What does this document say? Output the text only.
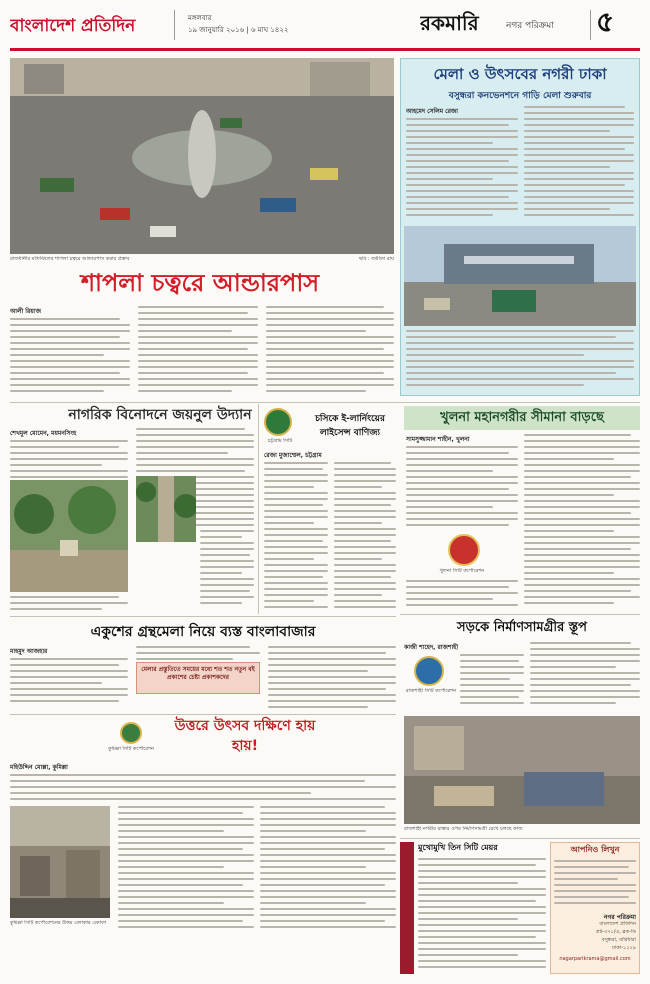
বাংলাদেশ প্রতিদিন	মঙ্গলবার
১৯ জানুয়ারি ২০১৬ | ৬ মাঘ ১৪২২	রকমারি	নগর পরিক্রমা	৫
রাজধানীর মতিঝিলের শাপলা চত্বরে আন্ডারপাস করার প্রস্তাব	ছবি : জয়ীতা রায়
শাপলা চত্বরে আন্ডারপাস
আলী রিয়াজ
মেলা ও উৎসবের নগরী ঢাকা
বসুন্ধরা কনভেনশনে গাড়ি মেলা শুরুবার
আহমেদ সেলিম রেজা
নাগরিক বিনোদনে জয়নুল উদ্যান
শেখমুল মোমেন, ময়মনসিংহ
চট্টগ্রাম সিটি
চসিকে ই-লার্নিংয়ের লাইসেন্স বাণিজ্য
রেজা মুজাম্মেল, চট্টগ্রাম
খুলনা মহানগরীর সীমানা বাড়ছে
সামসুজ্জামান শাহীন, খুলনা
খুলনা সিটি কর্পোরেশন
সড়কে নির্মাণসামগ্রীর স্তূপ
কাজী শাহেদ, রাজশাহী
রাজশাহী সিটি কর্পোরেশন
রাজশাহী নগরীর রাস্তার ওপর নির্মাণসামগ্রী রেখে চলছে কাজ
একুশের গ্রন্থমেলা নিয়ে ব্যস্ত বাংলাবাজার
মাহমুদ আজহার
মেলার প্রস্তুতিতে সময়ের মধ্যে শত শত নতুন বই প্রকাশের চেষ্টা প্রকাশকদের
কুমিল্লা সিটি কর্পোরেশন
উত্তরে উৎসব দক্ষিণে হায় হায়!
মহিউদ্দিন মোল্লা, কুমিল্লা
কুমিল্লা সিটি কর্পোরেশনের উত্তর এলাকার একাংশ
মুখোমুখি তিন সিটি মেয়র	আপনিও লিখুন
নগর পরিক্রমা
বাংলাদেশ প্রতিদিন
প্লট-৩৭১/এ, ব্লক-ডি
বসুন্ধরা, বারিধারা
ঢাকা-১২২৯
nagarparikrama@gmail.com
